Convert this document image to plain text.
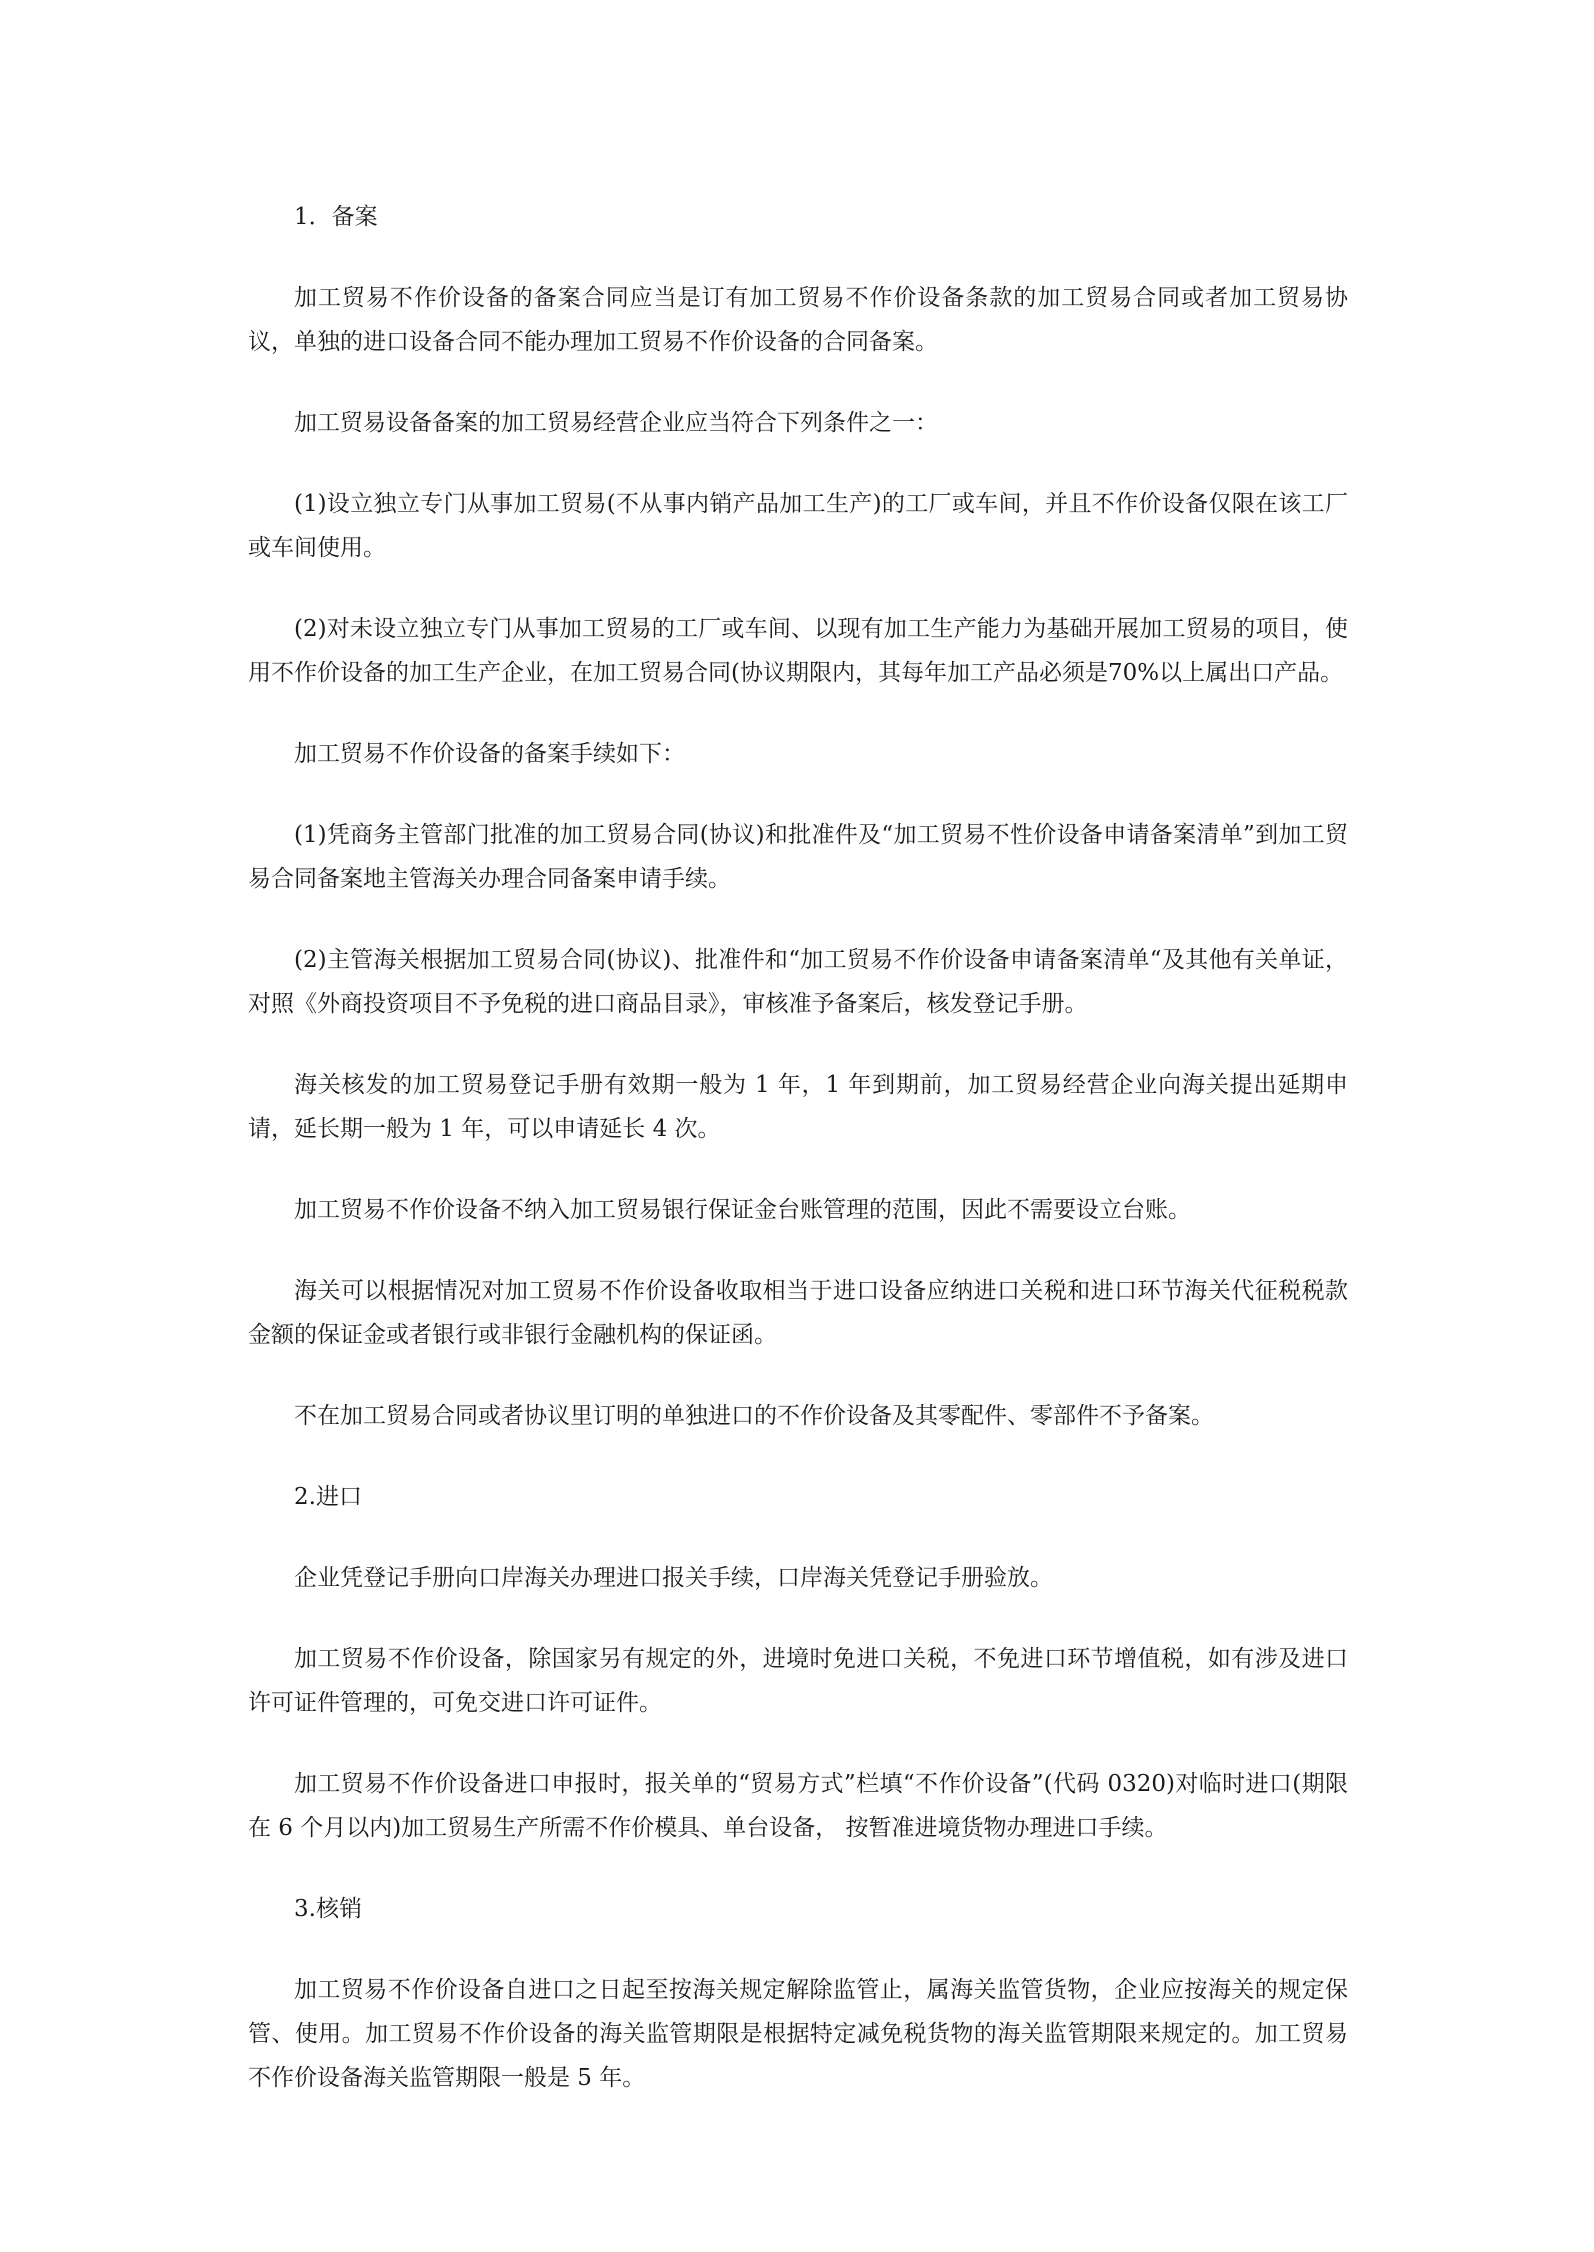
1．备案

加工贸易不作价设备的备案合同应当是订有加工贸易不作价设备条款的加工贸易合同或者加工贸易协议，单独的进口设备合同不能办理加工贸易不作价设备的合同备案。

加工贸易设备备案的加工贸易经营企业应当符合下列条件之一：

(1)设立独立专门从事加工贸易(不从事内销产品加工生产)的工厂或车间，并且不作价设备仅限在该工厂或车间使用。

(2)对未设立独立专门从事加工贸易的工厂或车间、以现有加工生产能力为基础开展加工贸易的项目，使用不作价设备的加工生产企业，在加工贸易合同(协议期限内，其每年加工产品必须是70%以上属出口产品。

加工贸易不作价设备的备案手续如下：

(1)凭商务主管部门批准的加工贸易合同(协议)和批准件及“加工贸易不性价设备申请备案清单”到加工贸易合同备案地主管海关办理合同备案申请手续。

(2)主管海关根据加工贸易合同(协议)、批准件和“加工贸易不作价设备申请备案清单“及其他有关单证，对照《外商投资项目不予免税的进口商品目录》，审核准予备案后，核发登记手册。

海关核发的加工贸易登记手册有效期一般为 1 年，1 年到期前，加工贸易经营企业向海关提出延期申请，延长期一般为 1 年，可以申请延长 4 次。

加工贸易不作价设备不纳入加工贸易银行保证金台账管理的范围，因此不需要设立台账。

海关可以根据情况对加工贸易不作价设备收取相当于进口设备应纳进口关税和进口环节海关代征税税款金额的保证金或者银行或非银行金融机构的保证函。

不在加工贸易合同或者协议里订明的单独进口的不作价设备及其零配件、零部件不予备案。

2.进口

企业凭登记手册向口岸海关办理进口报关手续，口岸海关凭登记手册验放。

加工贸易不作价设备，除国家另有规定的外，进境时免进口关税，不免进口环节增值税，如有涉及进口许可证件管理的，可免交进口许可证件。

加工贸易不作价设备进口申报时，报关单的“贸易方式”栏填“不作价设备”(代码 0320)对临时进口(期限在 6 个月以内)加工贸易生产所需不作价模具、单台设备， 按暂准进境货物办理进口手续。

3.核销

加工贸易不作价设备自进口之日起至按海关规定解除监管止，属海关监管货物，企业应按海关的规定保管、使用。加工贸易不作价设备的海关监管期限是根据特定减免税货物的海关监管期限来规定的。加工贸易不作价设备海关监管期限一般是 5 年。
